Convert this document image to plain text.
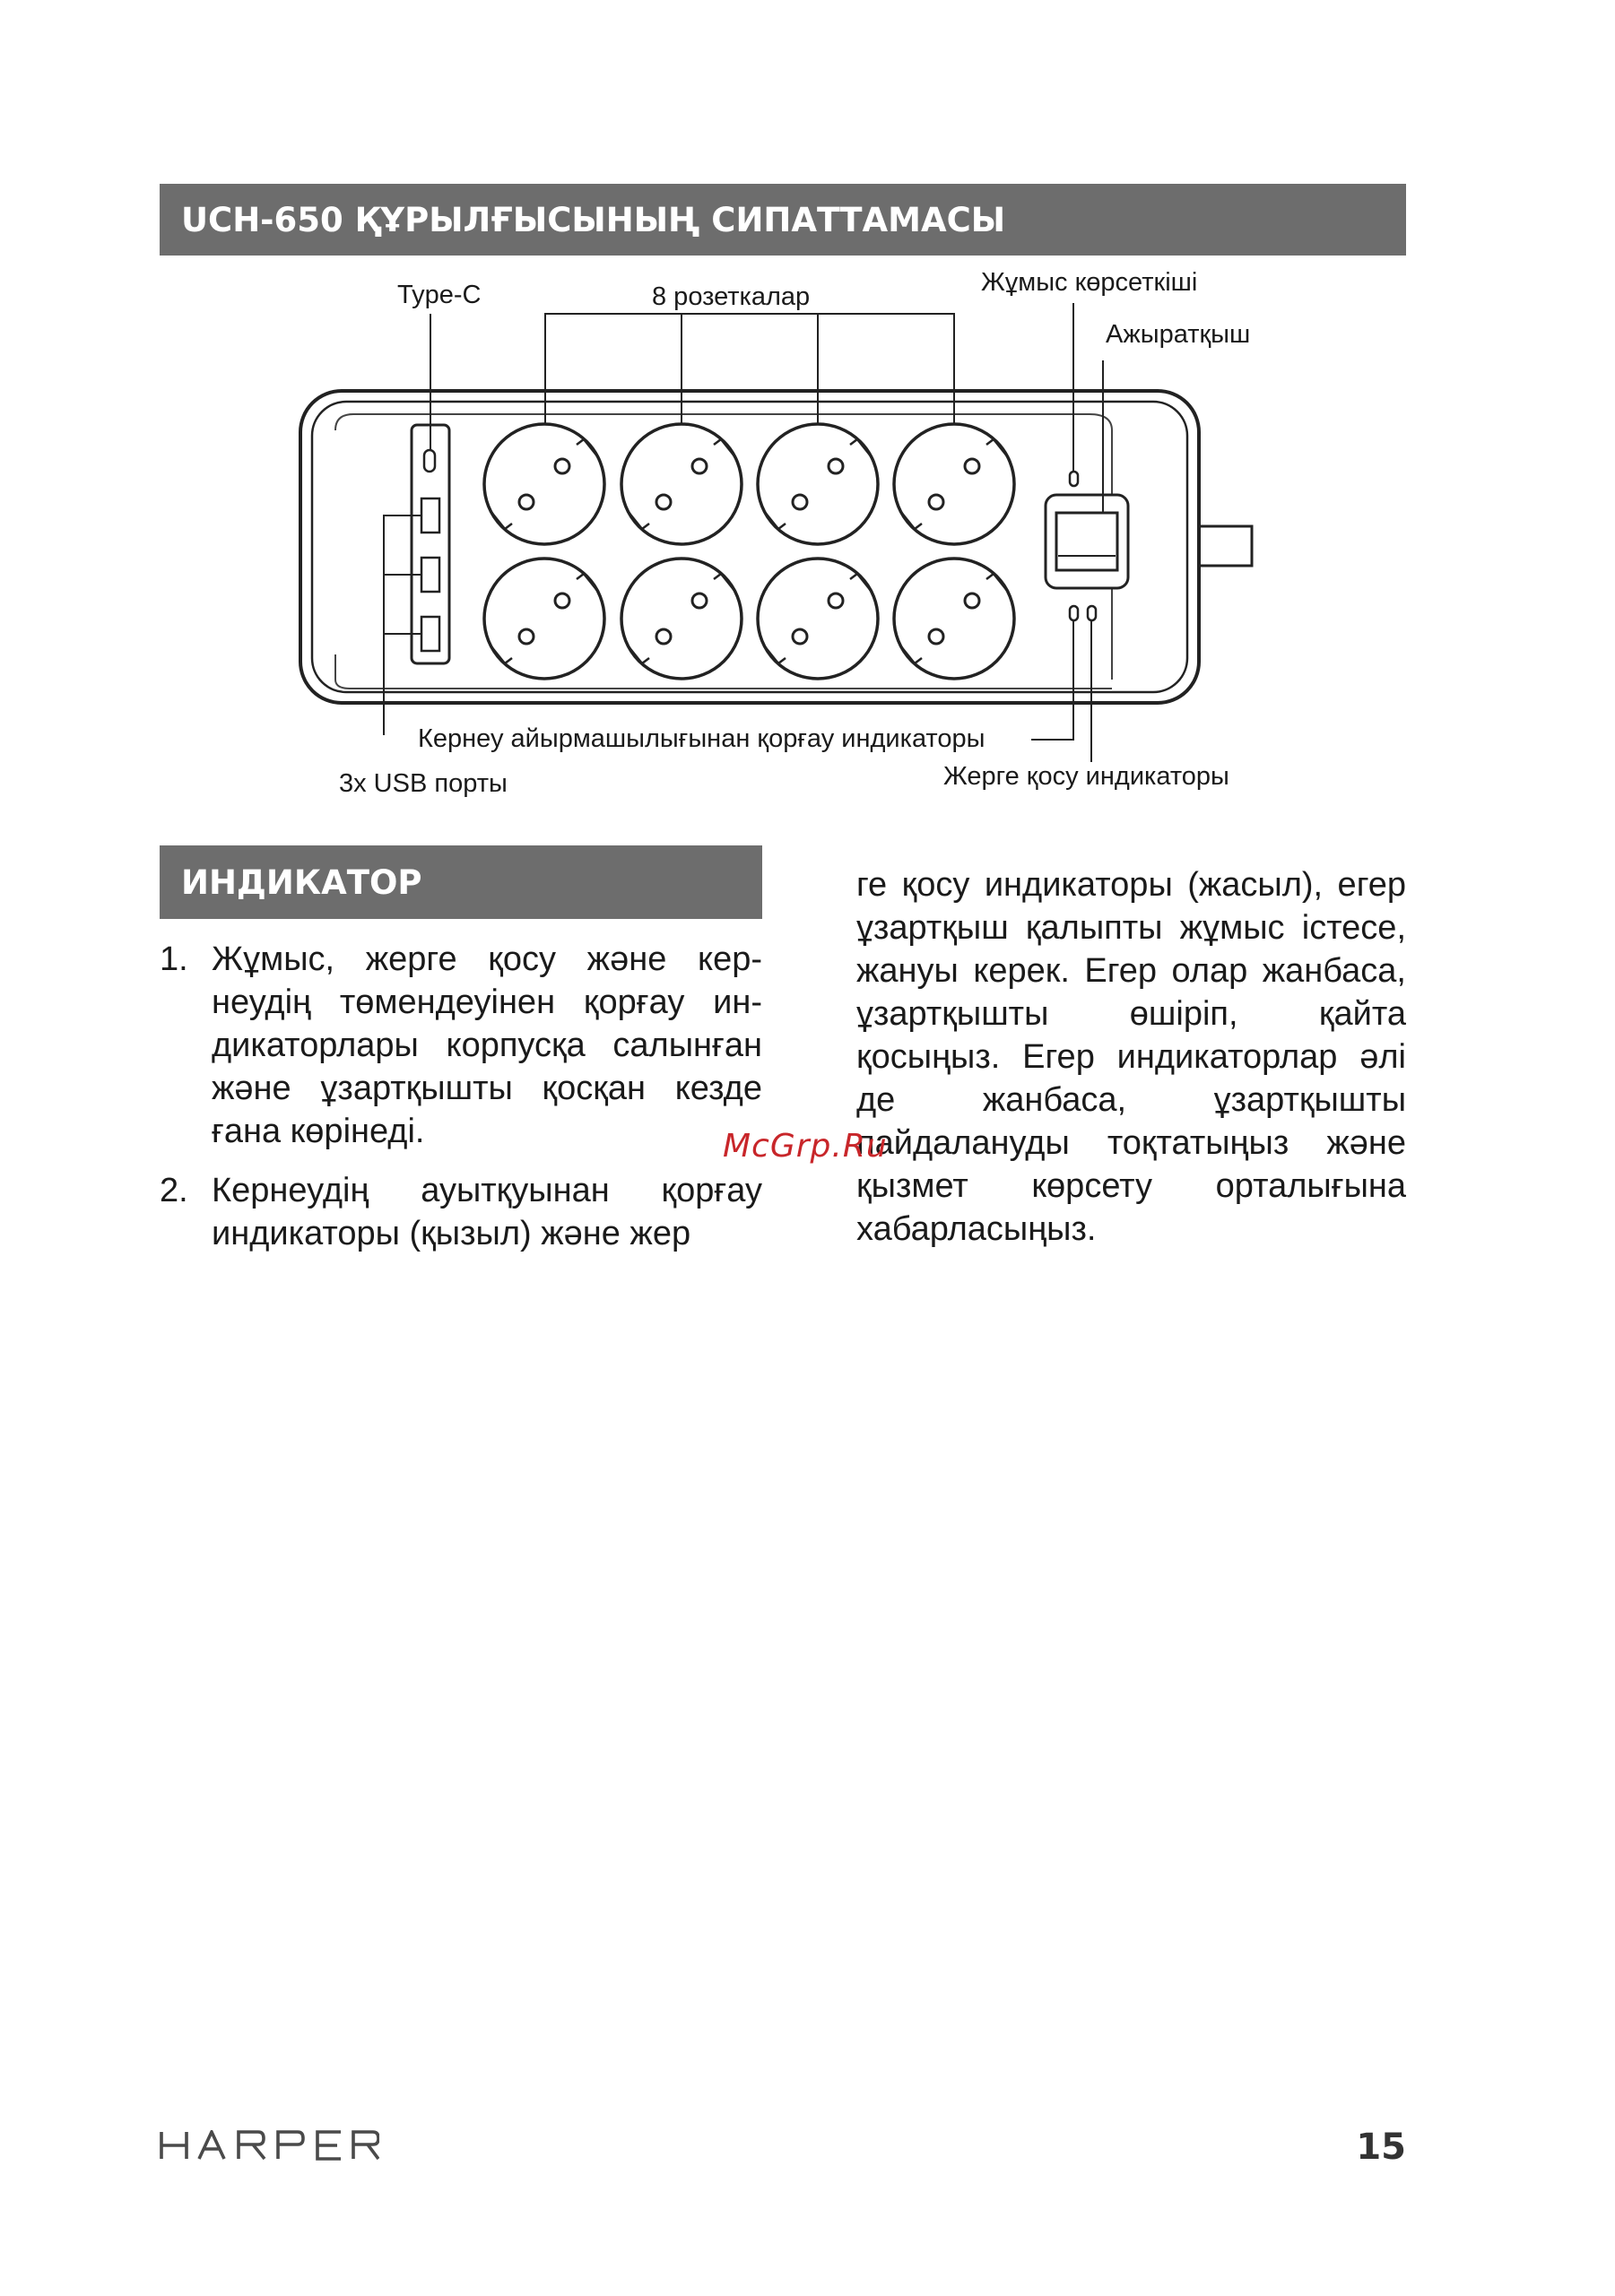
UCH-650 ҚҰРЫЛҒЫСЫНЫҢ СИПАТТАМАСЫ
Type-C	8 розеткалар	Жұмыс көрсеткіші
Ажыратқыш
Кернеу айырмашылығынан қорғау индикаторы
3x USB порты	Жерге қосу индикаторы
ИНДИКАТОР
1. Жұмыс, жерге қосу және кернеудің төмендеуінен қорғау индикаторлары корпусқа салынған және ұзартқышты қосқан кезде ғана көрінеді.
2. Кернеудің ауытқуынан қорғау индикаторы (қызыл) және жер
ге қосу индикаторы (жасыл), егер ұзартқыш қалыпты жұмыс істесе, жануы керек. Егер олар жанбаса, ұзартқышты өшіріп, қайта қосыңыз. Егер индикаторлар әлі де жанбаса, ұзартқышты пайдалануды тоқтатыңыз және қызмет көрсету орталығына хабарласыңыз.
McGrp.Ru
15
